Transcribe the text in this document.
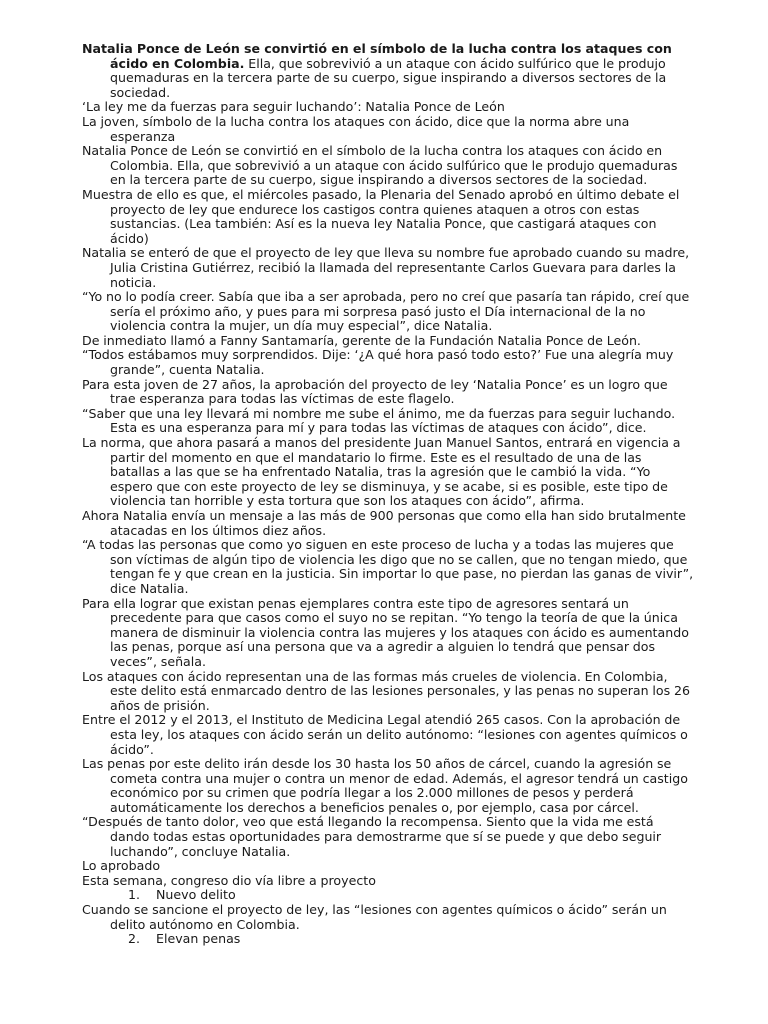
Natalia Ponce de León se convirtió en el símbolo de la lucha contra los ataques con ácido en Colombia. Ella, que sobrevivió a un ataque con ácido sulfúrico que le produjo quemaduras en la tercera parte de su cuerpo, sigue inspirando a diversos sectores de la sociedad.

‘La ley me da fuerzas para seguir luchando’: Natalia Ponce de León

La joven, símbolo de la lucha contra los ataques con ácido, dice que la norma abre una esperanza

Natalia Ponce de León se convirtió en el símbolo de la lucha contra los ataques con ácido en Colombia. Ella, que sobrevivió a un ataque con ácido sulfúrico que le produjo quemaduras en la tercera parte de su cuerpo, sigue inspirando a diversos sectores de la sociedad.

Muestra de ello es que, el miércoles pasado, la Plenaria del Senado aprobó en último debate el proyecto de ley que endurece los castigos contra quienes ataquen a otros con estas sustancias. (Lea también: Así es la nueva ley Natalia Ponce, que castigará ataques con ácido)

Natalia se enteró de que el proyecto de ley que lleva su nombre fue aprobado cuando su madre, Julia Cristina Gutiérrez, recibió la llamada del representante Carlos Guevara para darles la noticia.

“Yo no lo podía creer. Sabía que iba a ser aprobada, pero no creí que pasaría tan rápido, creí que sería el próximo año, y pues para mi sorpresa pasó justo el Día internacional de la no violencia contra la mujer, un día muy especial”, dice Natalia.

De inmediato llamó a Fanny Santamaría, gerente de la Fundación Natalia Ponce de León.

“Todos estábamos muy sorprendidos. Dije: ‘¿A qué hora pasó todo esto?’ Fue una alegría muy grande”, cuenta Natalia.

Para esta joven de 27 años, la aprobación del proyecto de ley ‘Natalia Ponce’ es un logro que trae esperanza para todas las víctimas de este flagelo.

“Saber que una ley llevará mi nombre me sube el ánimo, me da fuerzas para seguir luchando. Esta es una esperanza para mí y para todas las víctimas de ataques con ácido”, dice.

La norma, que ahora pasará a manos del presidente Juan Manuel Santos, entrará en vigencia a partir del momento en que el mandatario lo firme. Este es el resultado de una de las batallas a las que se ha enfrentado Natalia, tras la agresión que le cambió la vida. “Yo espero que con este proyecto de ley se disminuya, y se acabe, si es posible, este tipo de violencia tan horrible y esta tortura que son los ataques con ácido”, afirma.

Ahora Natalia envía un mensaje a las más de 900 personas que como ella han sido brutalmente atacadas en los últimos diez años.

“A todas las personas que como yo siguen en este proceso de lucha y a todas las mujeres que son víctimas de algún tipo de violencia les digo que no se callen, que no tengan miedo, que tengan fe y que crean en la justicia. Sin importar lo que pase, no pierdan las ganas de vivir”, dice Natalia.

Para ella lograr que existan penas ejemplares contra este tipo de agresores sentará un precedente para que casos como el suyo no se repitan. “Yo tengo la teoría de que la única manera de disminuir la violencia contra las mujeres y los ataques con ácido es aumentando las penas, porque así una persona que va a agredir a alguien lo tendrá que pensar dos veces”, señala.

Los ataques con ácido representan una de las formas más crueles de violencia. En Colombia, este delito está enmarcado dentro de las lesiones personales, y las penas no superan los 26 años de prisión.

Entre el 2012 y el 2013, el Instituto de Medicina Legal atendió 265 casos. Con la aprobación de esta ley, los ataques con ácido serán un delito autónomo: “lesiones con agentes químicos o ácido”.

Las penas por este delito irán desde los 30 hasta los 50 años de cárcel, cuando la agresión se cometa contra una mujer o contra un menor de edad. Además, el agresor tendrá un castigo económico por su crimen que podría llegar a los 2.000 millones de pesos y perderá automáticamente los derechos a beneficios penales o, por ejemplo, casa por cárcel.

“Después de tanto dolor, veo que está llegando la recompensa. Siento que la vida me está dando todas estas oportunidades para demostrarme que sí se puede y que debo seguir luchando”, concluye Natalia.

Lo aprobado

Esta semana, congreso dio vía libre a proyecto

1.	Nuevo delito

Cuando se sancione el proyecto de ley, las “lesiones con agentes químicos o ácido” serán un delito autónomo en Colombia.

2.	Elevan penas
